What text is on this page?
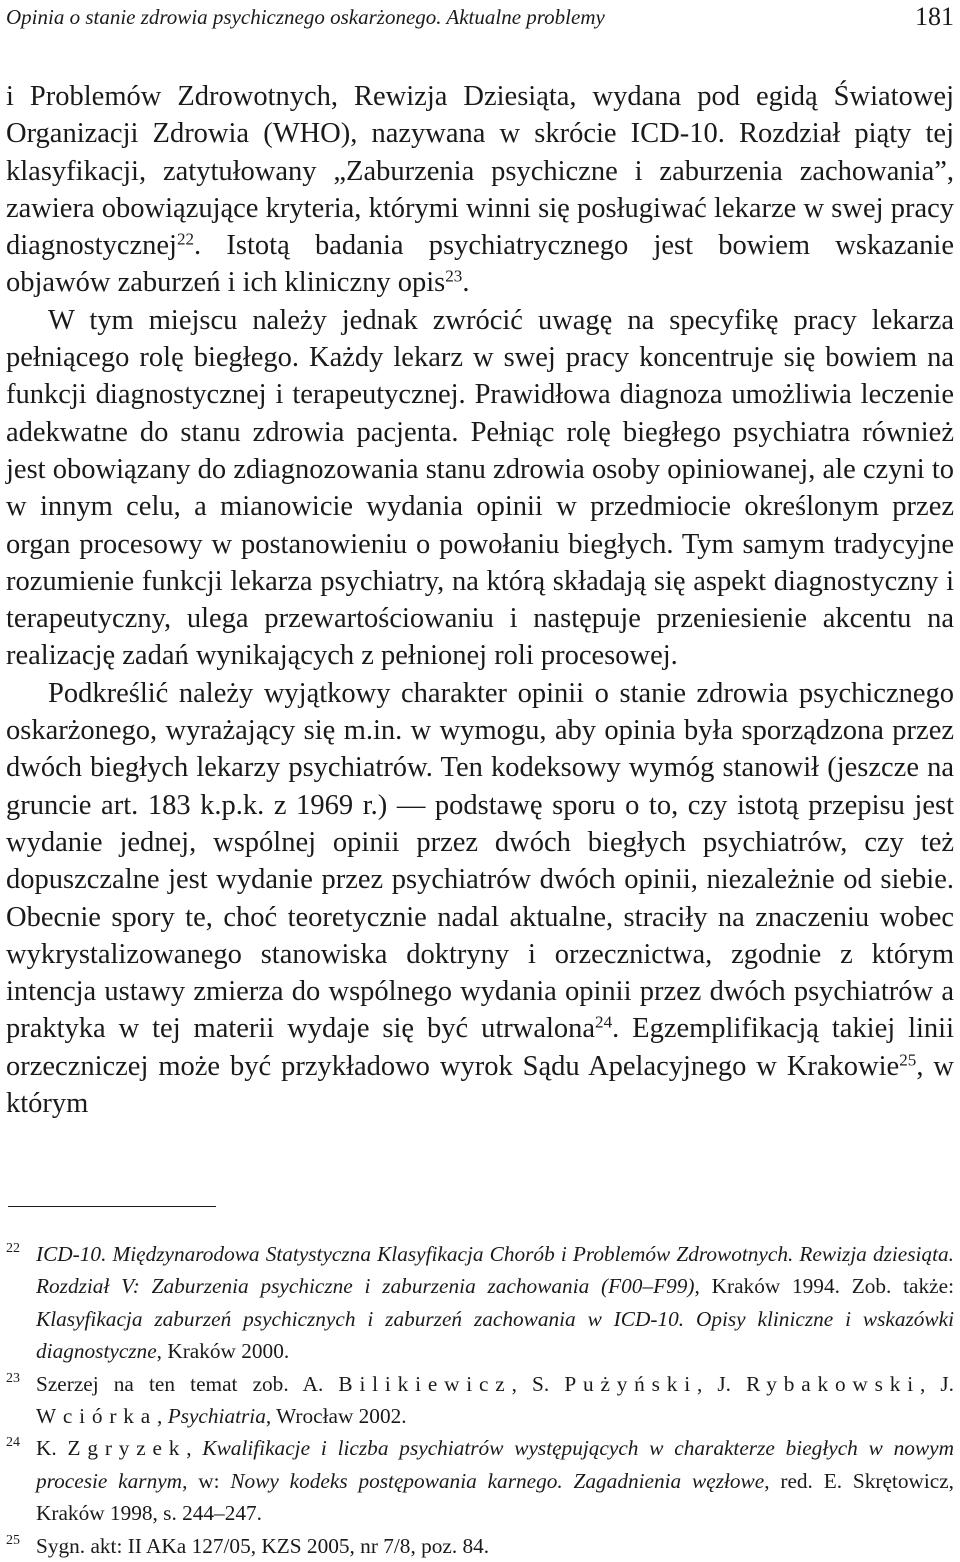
Opinia o stanie zdrowia psychicznego oskarżonego. Aktualne problemy	181

i Problemów Zdrowotnych, Rewizja Dziesiąta, wydana pod egidą Światowej Organizacji Zdrowia (WHO), nazywana w skrócie ICD-10. Rozdział piąty tej klasyfikacji, zatytułowany „Zaburzenia psychiczne i zaburzenia zachowania”, zawiera obowiązujące kryteria, którymi winni się posługiwać lekarze w swej pracy diagnostycznej$^{22}$. Istotą badania psychiatrycznego jest bowiem wskazanie objawów zaburzeń i ich kliniczny opis$^{23}$.

W tym miejscu należy jednak zwrócić uwagę na specyfikę pracy lekarza pełniącego rolę biegłego. Każdy lekarz w swej pracy koncentruje się bowiem na funkcji diagnostycznej i terapeutycznej. Prawidłowa diagnoza umożliwia leczenie adekwatne do stanu zdrowia pacjenta. Pełniąc rolę biegłego psychiatra również jest obowiązany do zdiagnozowania stanu zdrowia osoby opiniowanej, ale czyni to w innym celu, a mianowicie wydania opinii w przedmiocie określonym przez organ procesowy w postanowieniu o powołaniu biegłych. Tym samym tradycyjne rozumienie funkcji lekarza psychiatry, na którą składają się aspekt diagnostyczny i terapeutyczny, ulega przewartościowaniu i następuje przeniesienie akcentu na realizację zadań wynikających z pełnionej roli procesowej.

Podkreślić należy wyjątkowy charakter opinii o stanie zdrowia psychicznego oskarżonego, wyrażający się m.in. w wymogu, aby opinia była sporządzona przez dwóch biegłych lekarzy psychiatrów. Ten kodeksowy wymóg stanowił (jeszcze na gruncie art. 183 k.p.k. z 1969 r.) — podstawę sporu o to, czy istotą przepisu jest wydanie jednej, wspólnej opinii przez dwóch biegłych psychiatrów, czy też dopuszczalne jest wydanie przez psychiatrów dwóch opinii, niezależnie od siebie. Obecnie spory te, choć teoretycznie nadal aktualne, straciły na znaczeniu wobec wykrystalizowanego stanowiska doktryny i orzecznictwa, zgodnie z którym intencja ustawy zmierza do wspólnego wydania opinii przez dwóch psychiatrów a praktyka w tej materii wydaje się być utrwalona$^{24}$. Egzemplifikacją takiej linii orzeczniczej może być przykładowo wyrok Sądu Apelacyjnego w Krakowie$^{25}$, w którym

22 ICD-10. Międzynarodowa Statystyczna Klasyfikacja Chorób i Problemów Zdrowotnych. Rewizja dziesiąta. Rozdział V: Zaburzenia psychiczne i zaburzenia zachowania (F00–F99), Kraków 1994. Zob. także: Klasyfikacja zaburzeń psychicznych i zaburzeń zachowania w ICD-10. Opisy kliniczne i wskazówki diagnostyczne, Kraków 2000.

23 Szerzej na ten temat zob. A. Bilikiewicz, S. Pużyński, J. Rybakowski, J. Wciórka, Psychiatria, Wrocław 2002.

24 K. Zgryzek, Kwalifikacje i liczba psychiatrów występujących w charakterze biegłych w nowym procesie karnym, w: Nowy kodeks postępowania karnego. Zagadnienia węzłowe, red. E. Skrętowicz, Kraków 1998, s. 244–247.

25 Sygn. akt: II AKa 127/05, KZS 2005, nr 7/8, poz. 84.
